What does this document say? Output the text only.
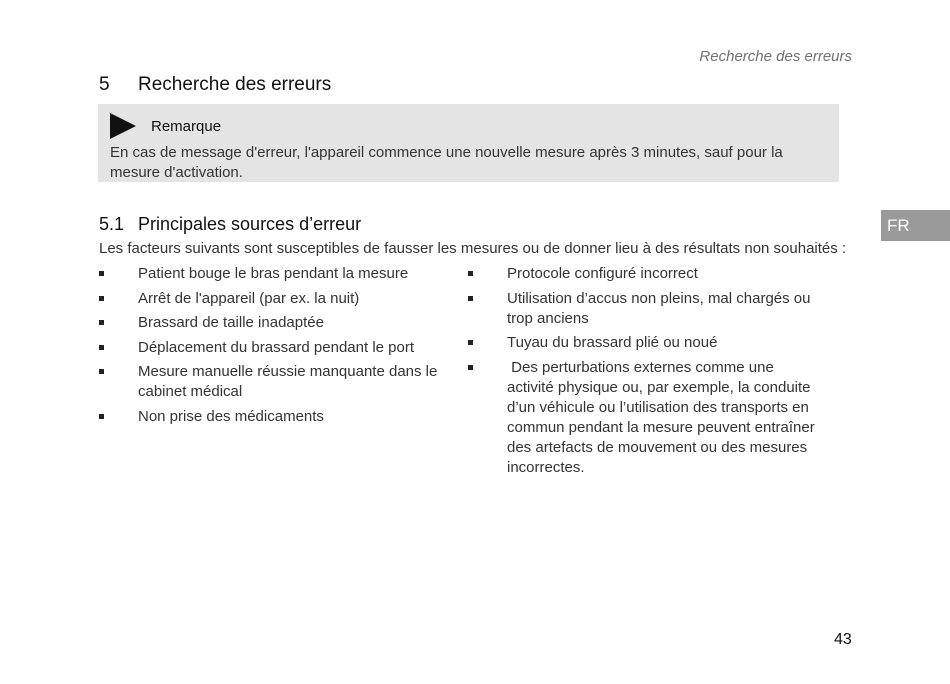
Recherche des erreurs
5 Recherche des erreurs
Remarque
En cas de message d'erreur, l'appareil commence une nouvelle mesure après 3 minutes, sauf pour la mesure d'activation.
5.1 Principales sources d’erreur
Les facteurs suivants sont susceptibles de fausser les mesures ou de donner lieu à des résultats non souhaités :
Patient bouge le bras pendant la mesure
Arrêt de l'appareil (par ex. la nuit)
Brassard de taille inadaptée
Déplacement du brassard pendant le port
Mesure manuelle réussie manquante dans le cabinet médical
Non prise des médicaments
Protocole configuré incorrect
Utilisation d’accus non pleins, mal chargés ou trop anciens
Tuyau du brassard plié ou noué
Des perturbations externes comme une activité physique ou, par exemple, la conduite d’un véhicule ou l’utilisation des transports en commun pendant la mesure peuvent entraîner des artefacts de mouvement ou des mesures incorrectes.
FR
43
